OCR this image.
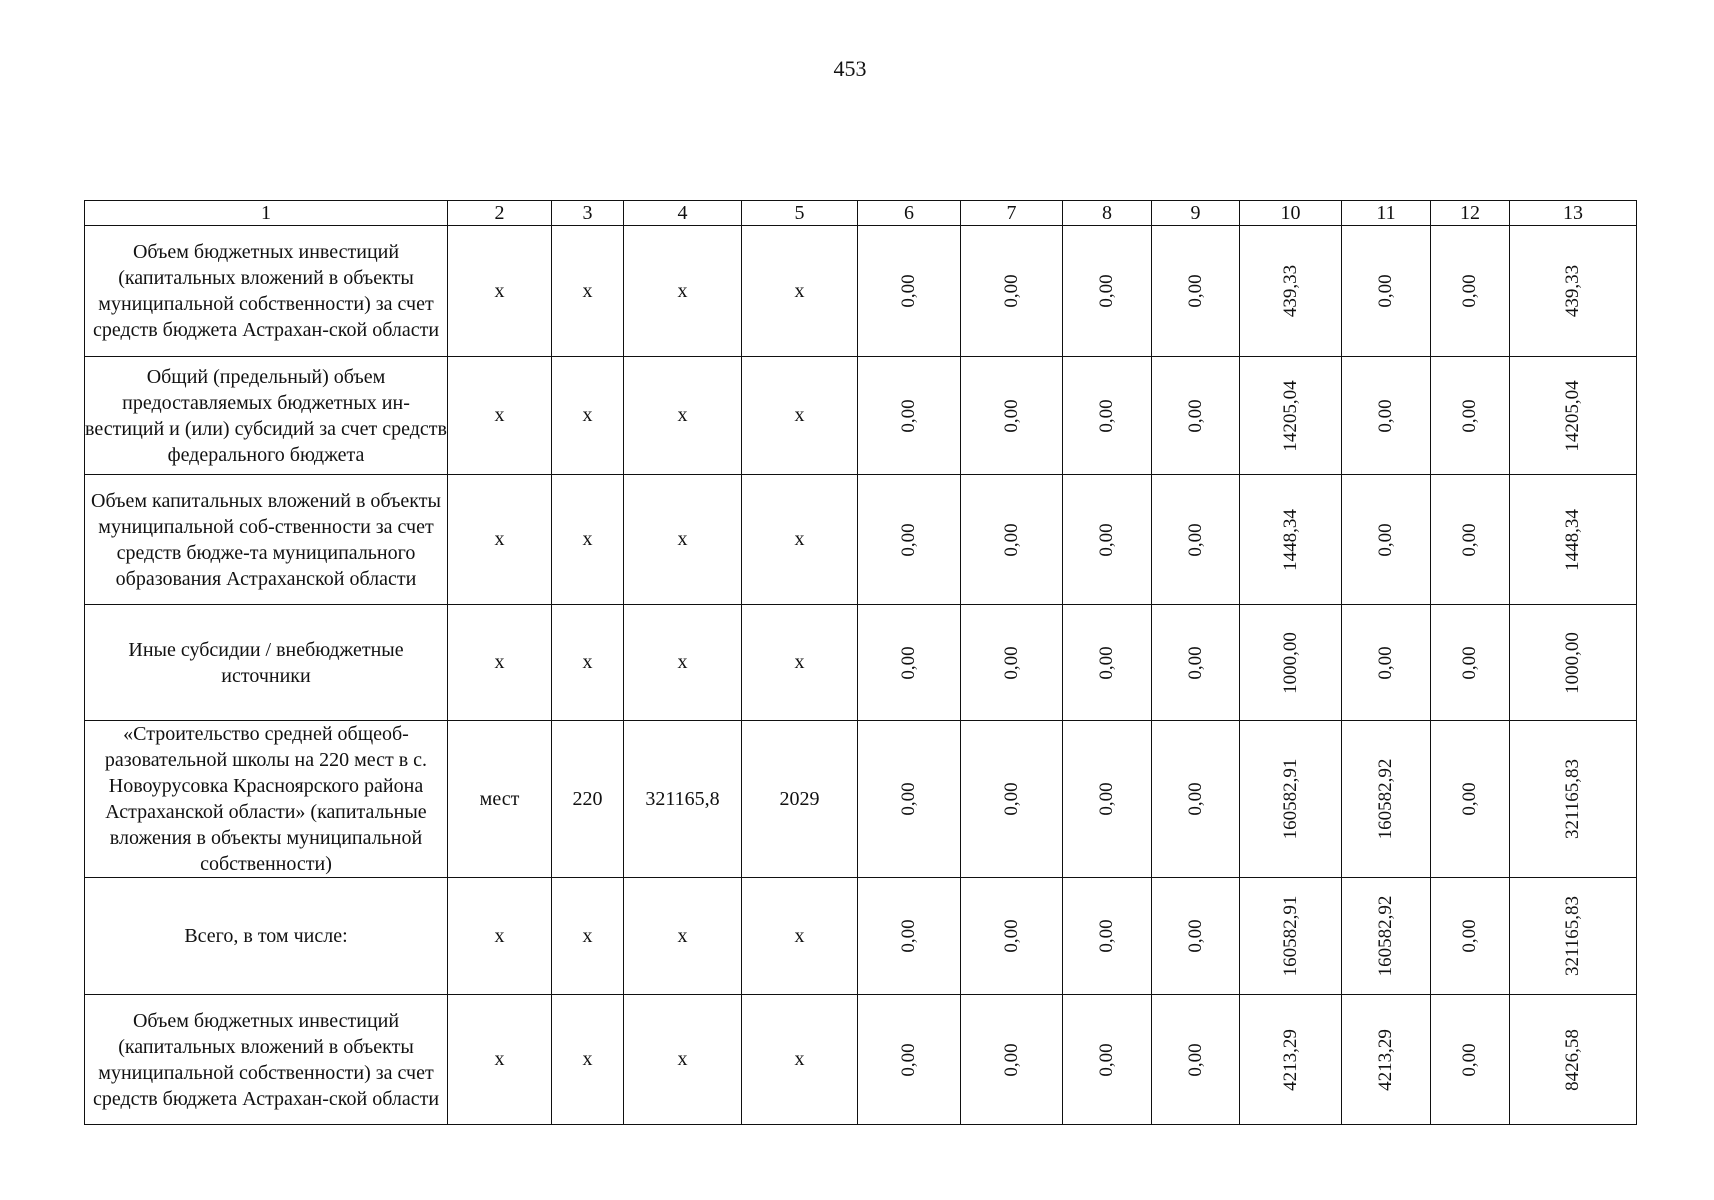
453
1	2	3	4	5	6	7	8	9	10	11	12	13
Объем бюджетных инвестиций (капитальных вложений в объекты муниципальной собственности) за счет средств бюджета Астрахан-ской области	x	x	x	x	0,00	0,00	0,00	0,00	439,33	0,00	0,00	439,33

Общий (предельный) объем предоставляемых бюджетных ин-вестиций и (или) субсидий за счет средств федерального бюджета	x	x	x	x	0,00	0,00	0,00	0,00	14205,04	0,00	0,00	14205,04

Объем капитальных вложений в объекты муниципальной соб-ственности за счет средств бюдже-та муниципального образования Астраханской области	x	x	x	x	0,00	0,00	0,00	0,00	1448,34	0,00	0,00	1448,34

Иные субсидии / внебюджетные источники	x	x	x	x	0,00	0,00	0,00	0,00	1000,00	0,00	0,00	1000,00

«Строительство средней общеоб-разовательной школы на 220 мест в с. Новоурусовка Красноярского района Астраханской области» (капитальные вложения в объекты муниципальной собственности)	мест	220	321165,8	2029	0,00	0,00	0,00	0,00	160582,91	160582,92	0,00	321165,83

Всего, в том числе:	x	x	x	x	0,00	0,00	0,00	0,00	160582,91	160582,92	0,00	321165,83

Объем бюджетных инвестиций (капитальных вложений в объекты муниципальной собственности) за счет средств бюджета Астрахан-ской области	x	x	x	x	0,00	0,00	0,00	0,00	4213,29	4213,29	0,00	8426,58
